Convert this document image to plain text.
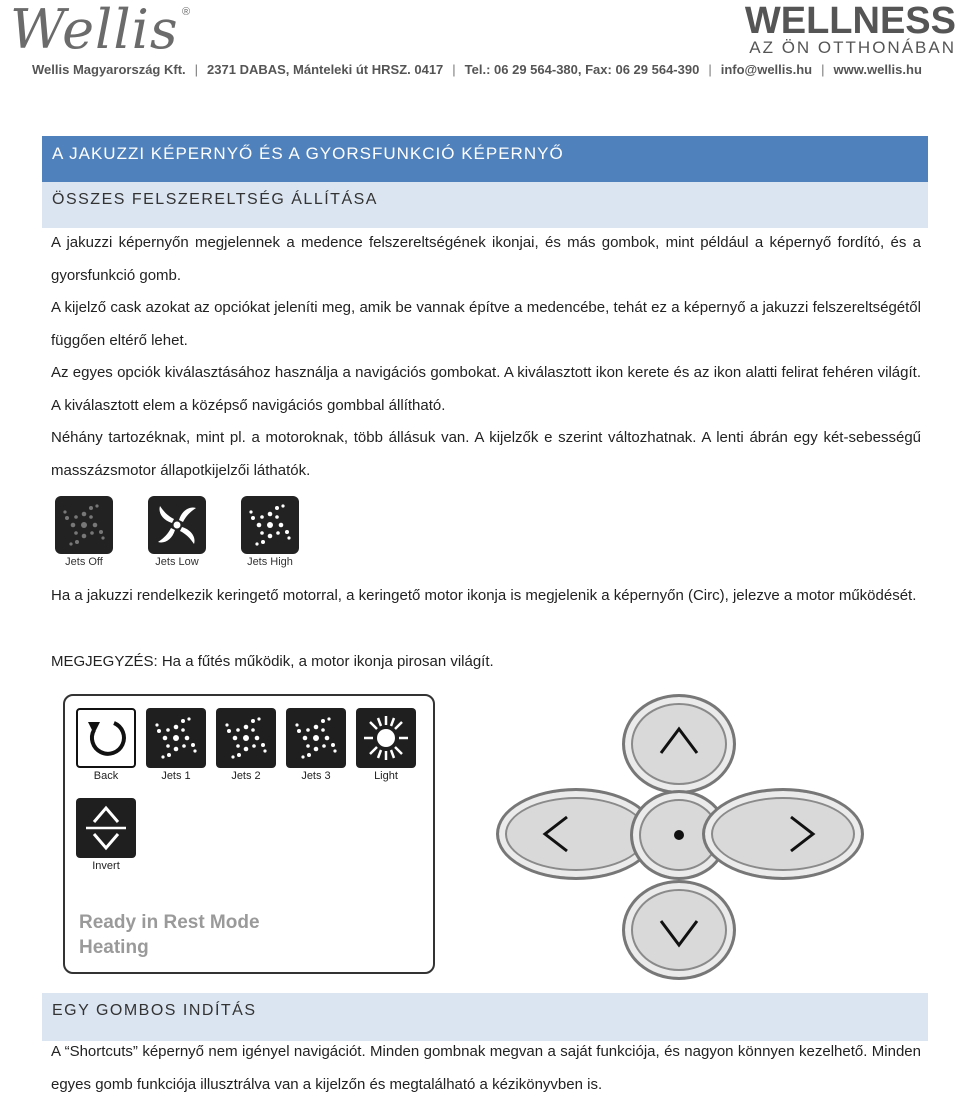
Wellis ®	WELLNESS
AZ ÖN OTTHONÁBAN
Wellis Magyarország Kft. | 2371 DABAS, Mánteleki út HRSZ. 0417 | Tel.: 06 29 564-380, Fax: 06 29 564-390 | info@wellis.hu | www.wellis.hu
A JAKUZZI KÉPERNYŐ ÉS A GYORSFUNKCIÓ KÉPERNYŐ
ÖSSZES FELSZERELTSÉG ÁLLÍTÁSA
A jakuzzi képernyőn megjelennek a medence felszereltségének ikonjai, és más gombok, mint például a képernyő fordító, és a gyorsfunkció gomb.
A kijelző cask azokat az opciókat jeleníti meg, amik be vannak építve a medencébe, tehát ez a képernyő a jakuzzi felszereltségétől függően eltérő lehet.
Az egyes opciók kiválasztásához használja a navigációs gombokat. A kiválasztott ikon kerete és az ikon alatti felirat fehéren világít. A kiválasztott elem a középső navigációs gombbal állítható.
Néhány tartozéknak, mint pl. a motoroknak, több állásuk van. A kijelzők e szerint változhatnak. A lenti ábrán egy két-sebességű masszázsmotor állapotkijelzői láthatók.
Jets Off	Jets Low	Jets High
Ha a jakuzzi rendelkezik keringető motorral, a keringető motor ikonja is megjelenik a képernyőn (Circ), jelezve a motor működését.
MEGJEGYZÉS: Ha a fűtés működik, a motor ikonja pirosan világít.
Back	Jets 1	Jets 2	Jets 3	Light
Invert
Ready in Rest Mode
Heating
EGY GOMBOS INDÍTÁS
A “Shortcuts” képernyő nem igényel navigációt. Minden gombnak megvan a saját funkciója, és nagyon könnyen kezelhető. Minden egyes gomb funkciója illusztrálva van a kijelzőn és megtalálható a kézikönyvben is.
